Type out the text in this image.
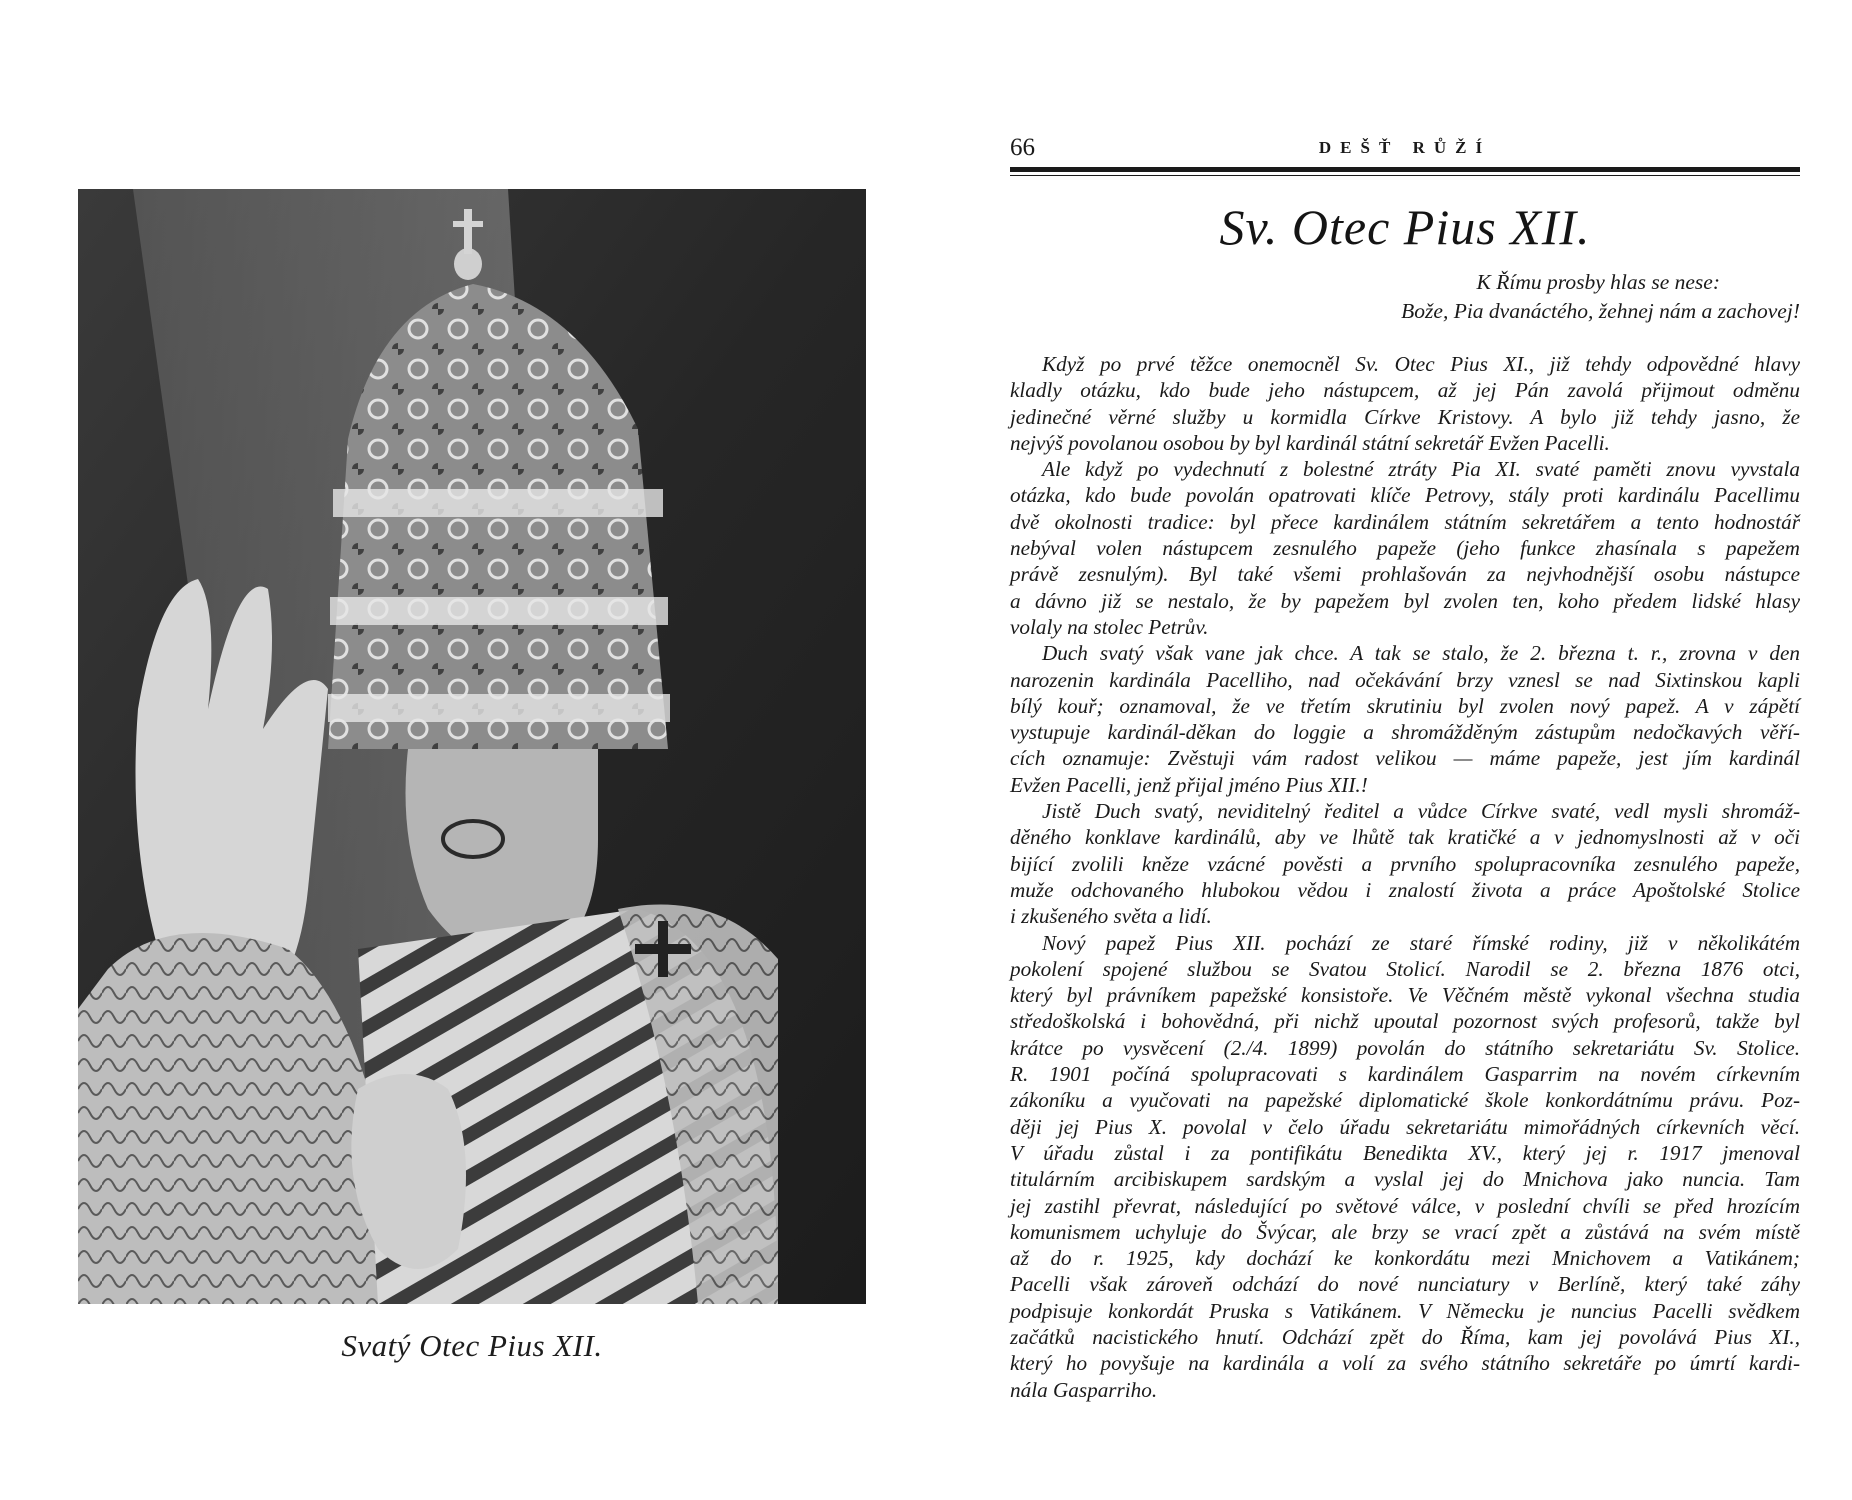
Svatý Otec Pius XII.
66	DEŠŤ RŮŽÍ
Sv. Otec Pius XII.
K Římu prosby hlas se nese:
Bože, Pia dvanáctého, žehnej nám a zachovej!
Když po prvé těžce onemocněl Sv. Otec Pius XI., již tehdy odpovědné hlavy
kladly otázku, kdo bude jeho nástupcem, až jej Pán zavolá přijmout odměnu
jedinečné věrné služby u kormidla Církve Kristovy. A bylo již tehdy jasno, že
nejvýš povolanou osobou by byl kardinál státní sekretář Evžen Pacelli.
Ale když po vydechnutí z bolestné ztráty Pia XI. svaté paměti znovu vyvstala
otázka, kdo bude povolán opatrovati klíče Petrovy, stály proti kardinálu Pacellimu
dvě okolnosti tradice: byl přece kardinálem státním sekretářem a tento hodnostář
nebýval volen nástupcem zesnulého papeže (jeho funkce zhasínala s papežem
právě zesnulým). Byl také všemi prohlašován za nejvhodnější osobu nástupce
a dávno již se nestalo, že by papežem byl zvolen ten, koho předem lidské hlasy
volaly na stolec Petrův.
Duch svatý však vane jak chce. A tak se stalo, že 2. března t. r., zrovna v den
narozenin kardinála Pacelliho, nad očekávání brzy vznesl se nad Sixtinskou kapli
bílý kouř; oznamoval, že ve třetím skrutiniu byl zvolen nový papež. A v zápětí
vystupuje kardinál-děkan do loggie a shromážděným zástupům nedočkavých věří-
cích oznamuje: Zvěstuji vám radost velikou — máme papeže, jest jím kardinál
Evžen Pacelli, jenž přijal jméno Pius XII.!
Jistě Duch svatý, neviditelný ředitel a vůdce Církve svaté, vedl mysli shromáž-
děného konklave kardinálů, aby ve lhůtě tak kratičké a v jednomyslnosti až v oči
bijící zvolili kněze vzácné pověsti a prvního spolupracovníka zesnulého papeže,
muže odchovaného hlubokou vědou i znalostí života a práce Apoštolské Stolice
i zkušeného světa a lidí.
Nový papež Pius XII. pochází ze staré římské rodiny, již v několikátém
pokolení spojené službou se Svatou Stolicí. Narodil se 2. března 1876 otci,
který byl právníkem papežské konsistoře. Ve Věčném městě vykonal všechna studia
středoškolská i bohovědná, při nichž upoutal pozornost svých profesorů, takže byl
krátce po vysvěcení (2./4. 1899) povolán do státního sekretariátu Sv. Stolice.
R. 1901 počíná spolupracovati s kardinálem Gasparrim na novém církevním
zákoníku a vyučovati na papežské diplomatické škole konkordátnímu právu. Poz-
ději jej Pius X. povolal v čelo úřadu sekretariátu mimořádných církevních věcí.
V úřadu zůstal i za pontifikátu Benedikta XV., který jej r. 1917 jmenoval
titulárním arcibiskupem sardským a vyslal jej do Mnichova jako nuncia. Tam
jej zastihl převrat, následující po světové válce, v poslední chvíli se před hrozícím
komunismem uchyluje do Švýcar, ale brzy se vrací zpět a zůstává na svém místě
až do r. 1925, kdy dochází ke konkordátu mezi Mnichovem a Vatikánem;
Pacelli však zároveň odchází do nové nunciatury v Berlíně, který také záhy
podpisuje konkordát Pruska s Vatikánem. V Německu je nuncius Pacelli svědkem
začátků nacistického hnutí. Odchází zpět do Říma, kam jej povolává Pius XI.,
který ho povyšuje na kardinála a volí za svého státního sekretáře po úmrtí kardi-
nála Gasparriho.
